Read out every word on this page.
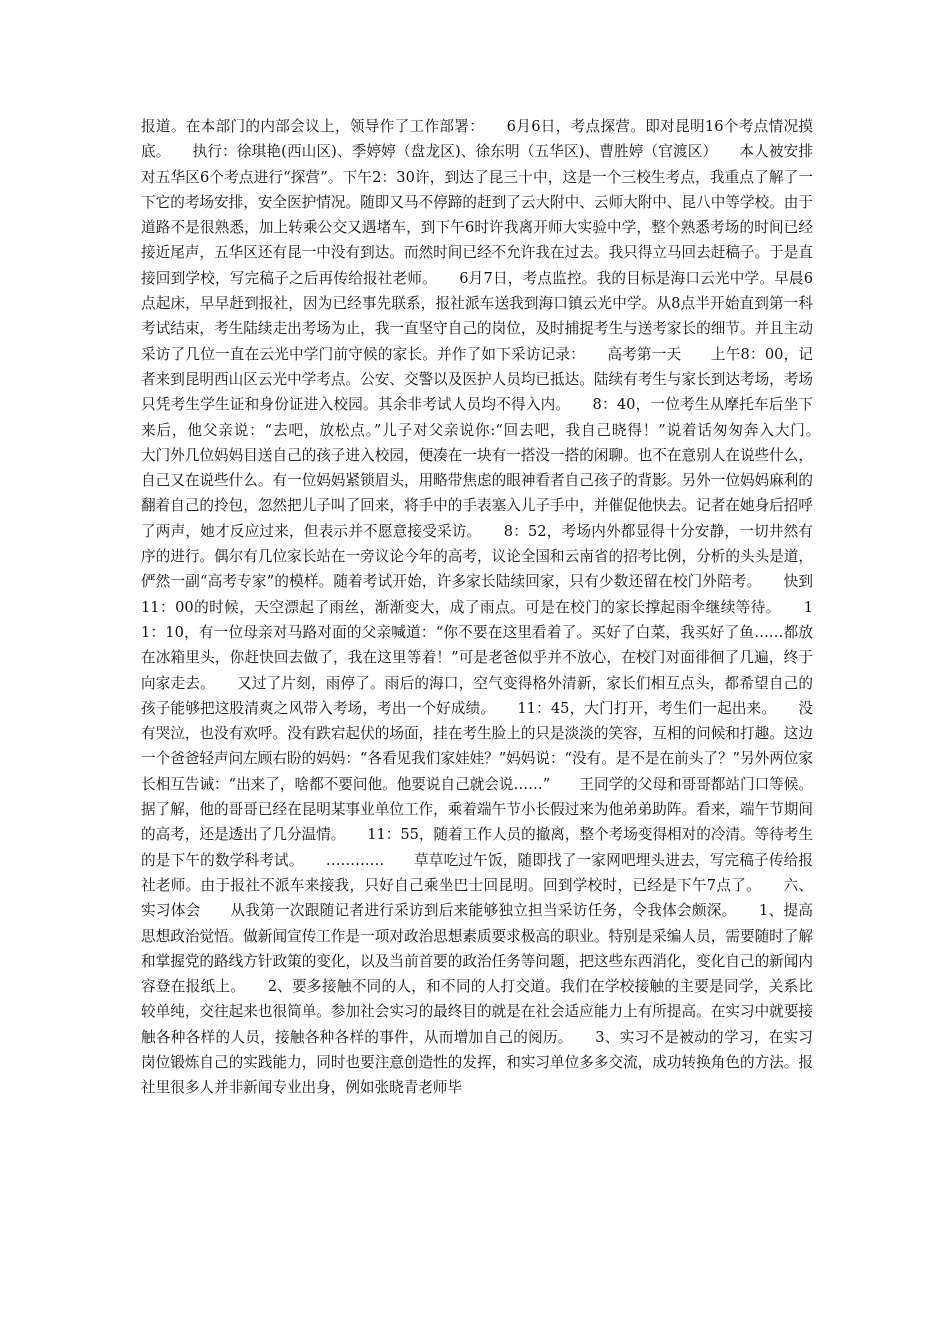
报道。在本部门的内部会议上，领导作了工作部署：　　6月6日，考点探营。即对昆明16个考点情况摸底。　　执行：徐琪艳(西山区)、季婷婷（盘龙区)、徐东明（五华区)、曹胜婷（官渡区）　　本人被安排对五华区6个考点进行“探营”。下午2：30许，到达了昆三十中，这是一个三校生考点，我重点了解了一下它的考场安排，安全医护情况。随即又马不停蹄的赶到了云大附中、云师大附中、昆八中等学校。由于道路不是很熟悉，加上转乘公交又遇堵车，到下午6时许我离开师大实验中学，整个熟悉考场的时间已经接近尾声，五华区还有昆一中没有到达。而然时间已经不允许我在过去。我只得立马回去赶稿子。于是直接回到学校，写完稿子之后再传给报社老师。　　6月7日，考点监控。我的目标是海口云光中学。早晨6点起床，早早赶到报社，因为已经事先联系，报社派车送我到海口镇云光中学。从8点半开始直到第一科考试结束，考生陆续走出考场为止，我一直坚守自己的岗位，及时捕捉考生与送考家长的细节。并且主动采访了几位一直在云光中学门前守候的家长。并作了如下采访记录：　　高考第一天　　上午8：00，记者来到昆明西山区云光中学考点。公安、交警以及医护人员均已抵达。陆续有考生与家长到达考场，考场只凭考生学生证和身份证进入校园。其余非考试人员均不得入内。　　8：40，一位考生从摩托车后坐下来后，他父亲说：“去吧，放松点。”儿子对父亲说你:“回去吧，我自己晓得！”说着话匆匆奔入大门。　　大门外几位妈妈目送自己的孩子进入校园，便凑在一块有一搭没一搭的闲聊。也不在意别人在说些什么，自己又在说些什么。有一位妈妈紧锁眉头，用略带焦虑的眼神看者自己孩子的背影。另外一位妈妈麻利的翻着自己的拎包，忽然把儿子叫了回来，将手中的手表塞入儿子手中，并催促他快去。记者在她身后招呼了两声，她才反应过来，但表示并不愿意接受采访。　　8：52，考场内外都显得十分安静，一切井然有序的进行。偶尔有几位家长站在一旁议论今年的高考，议论全国和云南省的招考比例，分析的头头是道，俨然一副“高考专家”的模样。随着考试开始，许多家长陆续回家，只有少数还留在校门外陪考。　　快到11：00的时候，天空漂起了雨丝，渐渐变大，成了雨点。可是在校门的家长撑起雨伞继续等待。　　11：10，有一位母亲对马路对面的父亲喊道：“你不要在这里看着了。买好了白菜，我买好了鱼……都放在冰箱里头，你赶快回去做了，我在这里等着！”可是老爸似乎并不放心，在校门对面徘徊了几遍，终于向家走去。　　又过了片刻，雨停了。雨后的海口，空气变得格外清新，家长们相互点头，都希望自己的孩子能够把这股清爽之风带入考场，考出一个好成绩。　　11：45，大门打开，考生们一起出来。　　没有哭泣，也没有欢呼。没有跌宕起伏的场面，挂在考生脸上的只是淡淡的笑容，互相的问候和打趣。这边一个爸爸轻声问左顾右盼的妈妈：“各看见我们家娃娃？”妈妈说：“没有。是不是在前头了？”另外两位家长相互告诫：“出来了，啥都不要问他。他要说自己就会说……”　　王同学的父母和哥哥都站门口等候。据了解，他的哥哥已经在昆明某事业单位工作，乘着端午节小长假过来为他弟弟助阵。看来，端午节期间的高考，还是透出了几分温情。　　11：55，随着工作人员的撤离，整个考场变得相对的冷清。等待考生的是下午的数学科考试。　　…………　　草草吃过午饭，随即找了一家网吧埋头进去，写完稿子传给报社老师。由于报社不派车来接我，只好自己乘坐巴士回昆明。回到学校时，已经是下午7点了。　　六、实习体会　　从我第一次跟随记者进行采访到后来能够独立担当采访任务，令我体会颇深。　　1、提高思想政治觉悟。做新闻宣传工作是一项对政治思想素质要求极高的职业。特别是采编人员，需要随时了解和掌握党的路线方针政策的变化，以及当前首要的政治任务等问题，把这些东西消化，变化自己的新闻内容登在报纸上。　　2、要多接触不同的人，和不同的人打交道。我们在学校接触的主要是同学，关系比较单纯，交往起来也很简单。参加社会实习的最终目的就是在社会适应能力上有所提高。在实习中就要接触各种各样的人员，接触各种各样的事件，从而增加自己的阅历。　　3、实习不是被动的学习，在实习岗位锻炼自己的实践能力，同时也要注意创造性的发挥，和实习单位多多交流，成功转换角色的方法。报社里很多人并非新闻专业出身，例如张晓青老师毕
